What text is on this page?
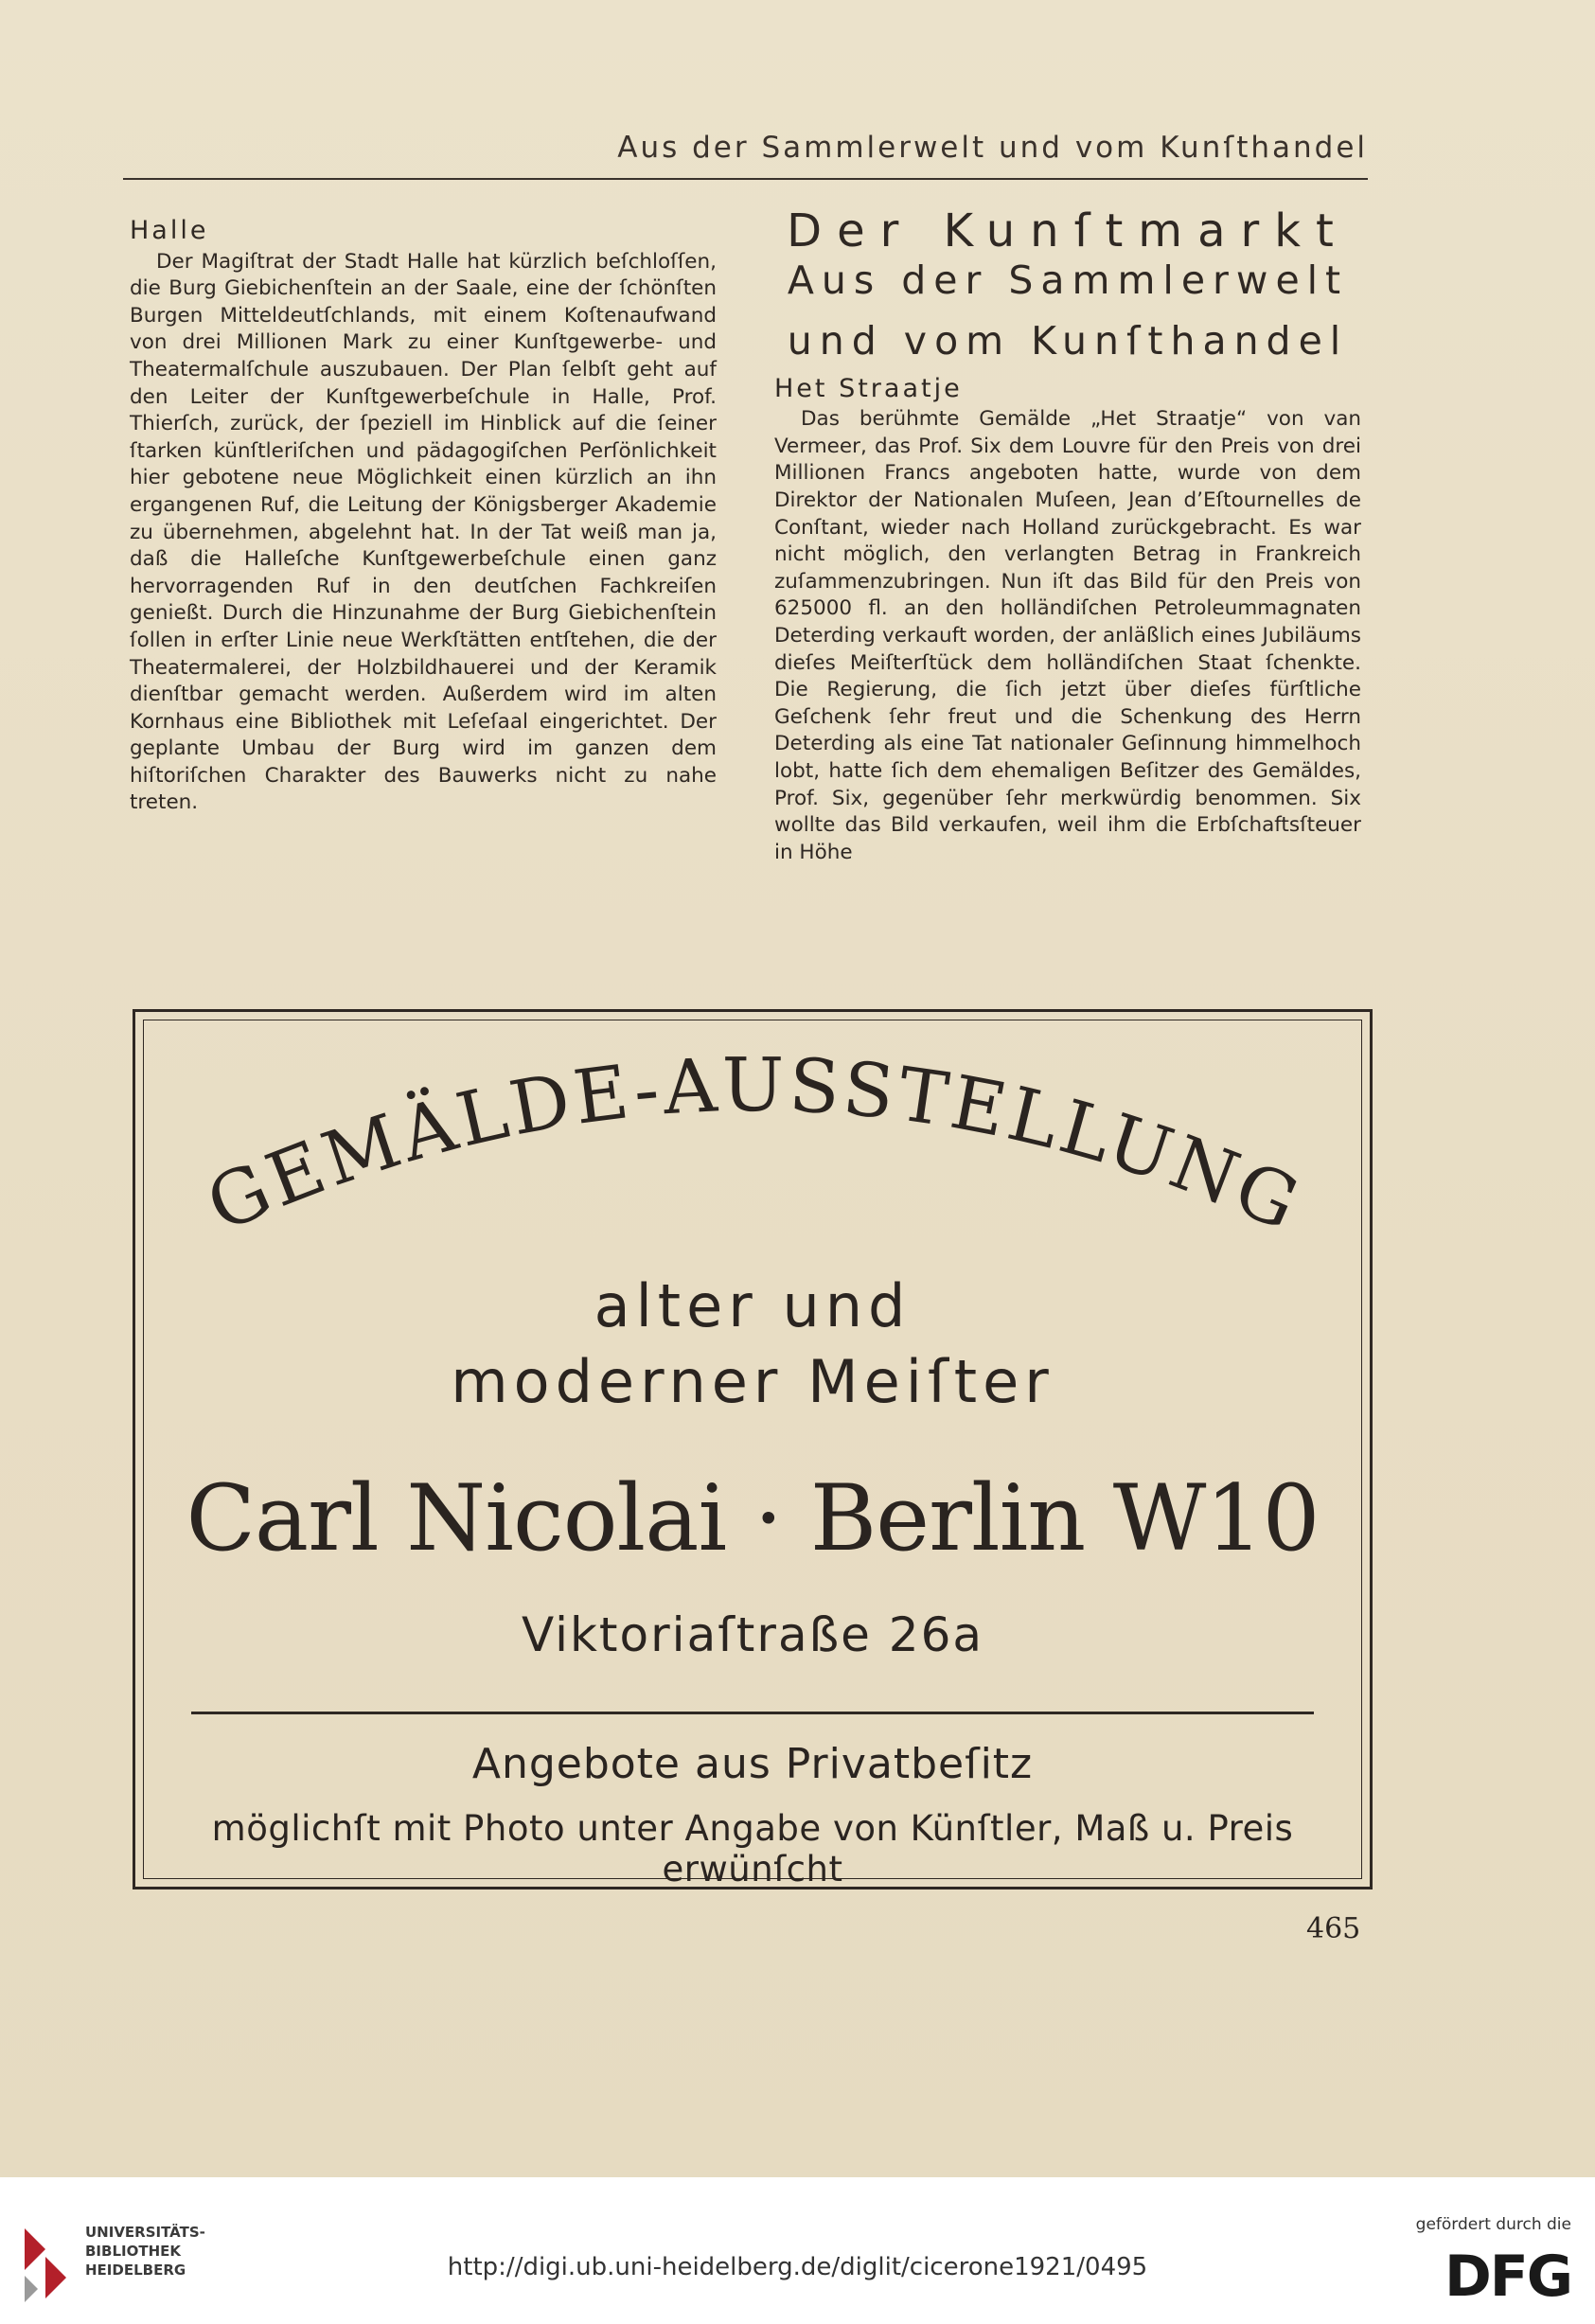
Aus der Sammlerwelt und vom Kunſthandel
Halle

Der Magiſtrat der Stadt Halle hat kürzlich beſchloſſen, die Burg Giebichenſtein an der Saale, eine der ſchönſten Burgen Mitteldeutſchlands, mit einem Koſtenaufwand von drei Millionen Mark zu einer Kunſtgewerbe- und Theatermalſchule auszubauen. Der Plan ſelbſt geht auf den Leiter der Kunſtgewerbeſchule in Halle, Prof. Thierſch, zurück, der ſpeziell im Hinblick auf die ſeiner ſtarken künſtleriſchen und pädagogiſchen Perſönlichkeit hier gebotene neue Möglichkeit einen kürzlich an ihn ergangenen Ruf, die Leitung der Königsberger Akademie zu übernehmen, abgelehnt hat. In der Tat weiß man ja, daß die Halleſche Kunſtgewerbeſchule einen ganz hervorragenden Ruf in den deutſchen Fachkreiſen genießt. Durch die Hinzunahme der Burg Giebichenſtein ſollen in erſter Linie neue Werkſtätten entſtehen, die der Theatermalerei, der Holzbildhauerei und der Keramik dienſtbar gemacht werden. Außerdem wird im alten Kornhaus eine Bibliothek mit Leſeſaal eingerichtet. Der geplante Umbau der Burg wird im ganzen dem hiſtoriſchen Charakter des Bauwerks nicht zu nahe treten.

Der Kunſtmarkt
Aus der Sammlerwelt
und vom Kunſthandel
Het Straatje

Das berühmte Gemälde „Het Straatje“ von van Vermeer, das Prof. Six dem Louvre für den Preis von drei Millionen Francs angeboten hatte, wurde von dem Direktor der Nationalen Muſeen, Jean d’Eſtournelles de Conſtant, wieder nach Holland zurückgebracht. Es war nicht möglich, den verlangten Betrag in Frankreich zuſammenzubringen. Nun iſt das Bild für den Preis von 625000 fl. an den holländiſchen Petroleummagnaten Deterding verkauft worden, der anläßlich eines Jubiläums dieſes Meiſterſtück dem holländiſchen Staat ſchenkte. Die Regierung, die ſich jetzt über dieſes fürſtliche Geſchenk ſehr freut und die Schenkung des Herrn Deterding als eine Tat nationaler Geſinnung himmelhoch lobt, hatte ſich dem ehemaligen Beſitzer des Gemäldes, Prof. Six, gegenüber ſehr merkwürdig benommen. Six wollte das Bild verkaufen, weil ihm die Erbſchaftsſteuer in Höhe

GEMÄLDE-AUSSTELLUNG
alter und
moderner Meiſter
Carl Nicolai · Berlin W10
Viktoriaſtraße 26a
Angebote aus Privatbeſitz
möglichſt mit Photo unter Angabe von Künſtler, Maß u. Preis erwünſcht
465
UNIVERSITÄTS-
BIBLIOTHEK
HEIDELBERG	http://digi.ub.uni-heidelberg.de/diglit/cicerone1921/0495
gefördert durch die
DFG
